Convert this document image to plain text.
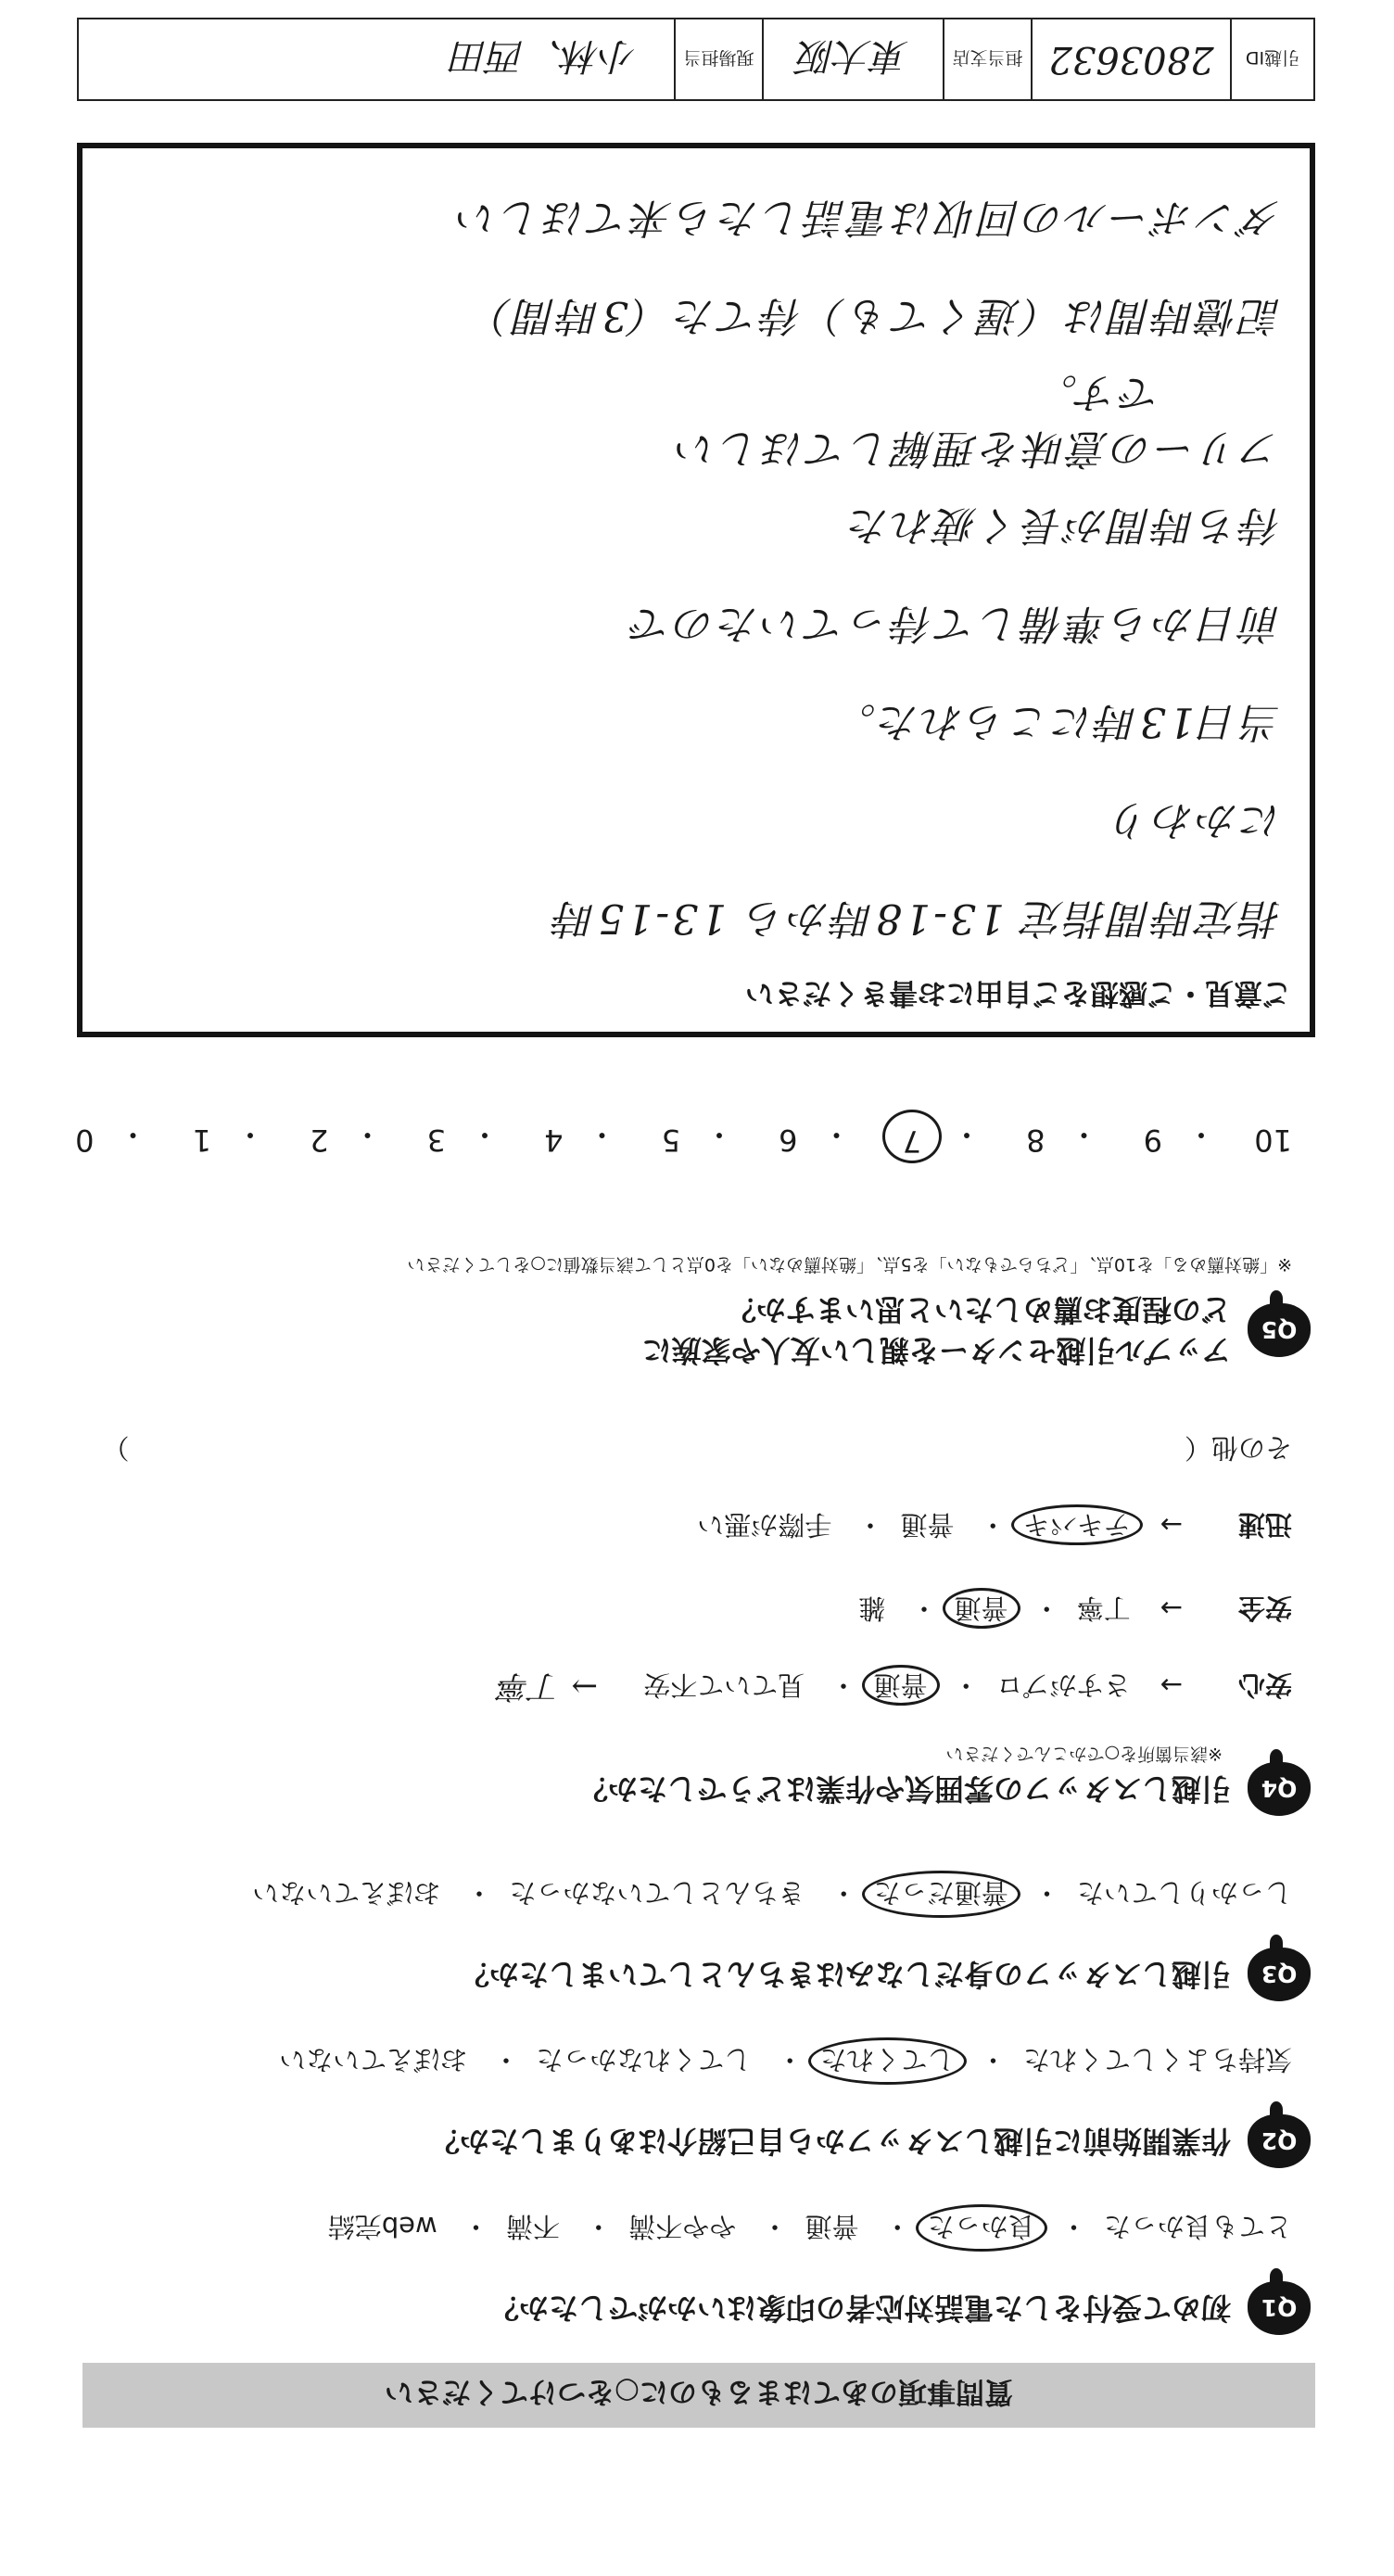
質問事項のあてはまるものに○をつけてください
Q1
初めて受付をした電話対応者の印象はいかがでしたか？
とても良かった・ 良かった・ 普通・ やや不満・ 不満・ web完結
Q2
作業開始前に引越しスタッフから自己紹介はありましたか？
気持ちよくしてくれた・ してくれた・ してくれなかった・ おぼえていない
Q3
引越しスタッフの身だしなみはきちんとしていましたか？
しっかりしていた・ 普通だった・ きちんとしていなかった・ おぼえていない
Q4
引越しスタッフの雰囲気や作業はどうでしたか？
※該当箇所を○でかこんでください
安心→ さすがプロ・ 普通・ 見ていて不安 → 丁寧
安全→ 丁寧・ 普通・ 雑
迅速→ テキパキ・ 普通・ 手際が悪い
その他（  ）
Q5
アップル引越センターを親しい友人や家族に
どの程度お薦めしたいと思いますか？
※「絶対薦める」を10点、「どちらでもない」を5点、「絶対薦めない」を0点として該当数値に○をしてください
10
・
9
・
8
・
7
・
6
・
5
・
4
・
3
・
2
・
1
・
0
ご意見・ご感想をご自由にお書きください
指定時間指定 13-18時から 13-15時
にかわり
当日13時にこられた。
前日から準備して待っていたので
待ち時間が長く疲れた
フリーの意味を理解してほしい
です。
記憶時間は（遅くても）待てた（3時間）
ダンボールの回収は電話したら来てほしい
引越ID
2803632
担当支店
東大阪
現場担当
小林、西田
